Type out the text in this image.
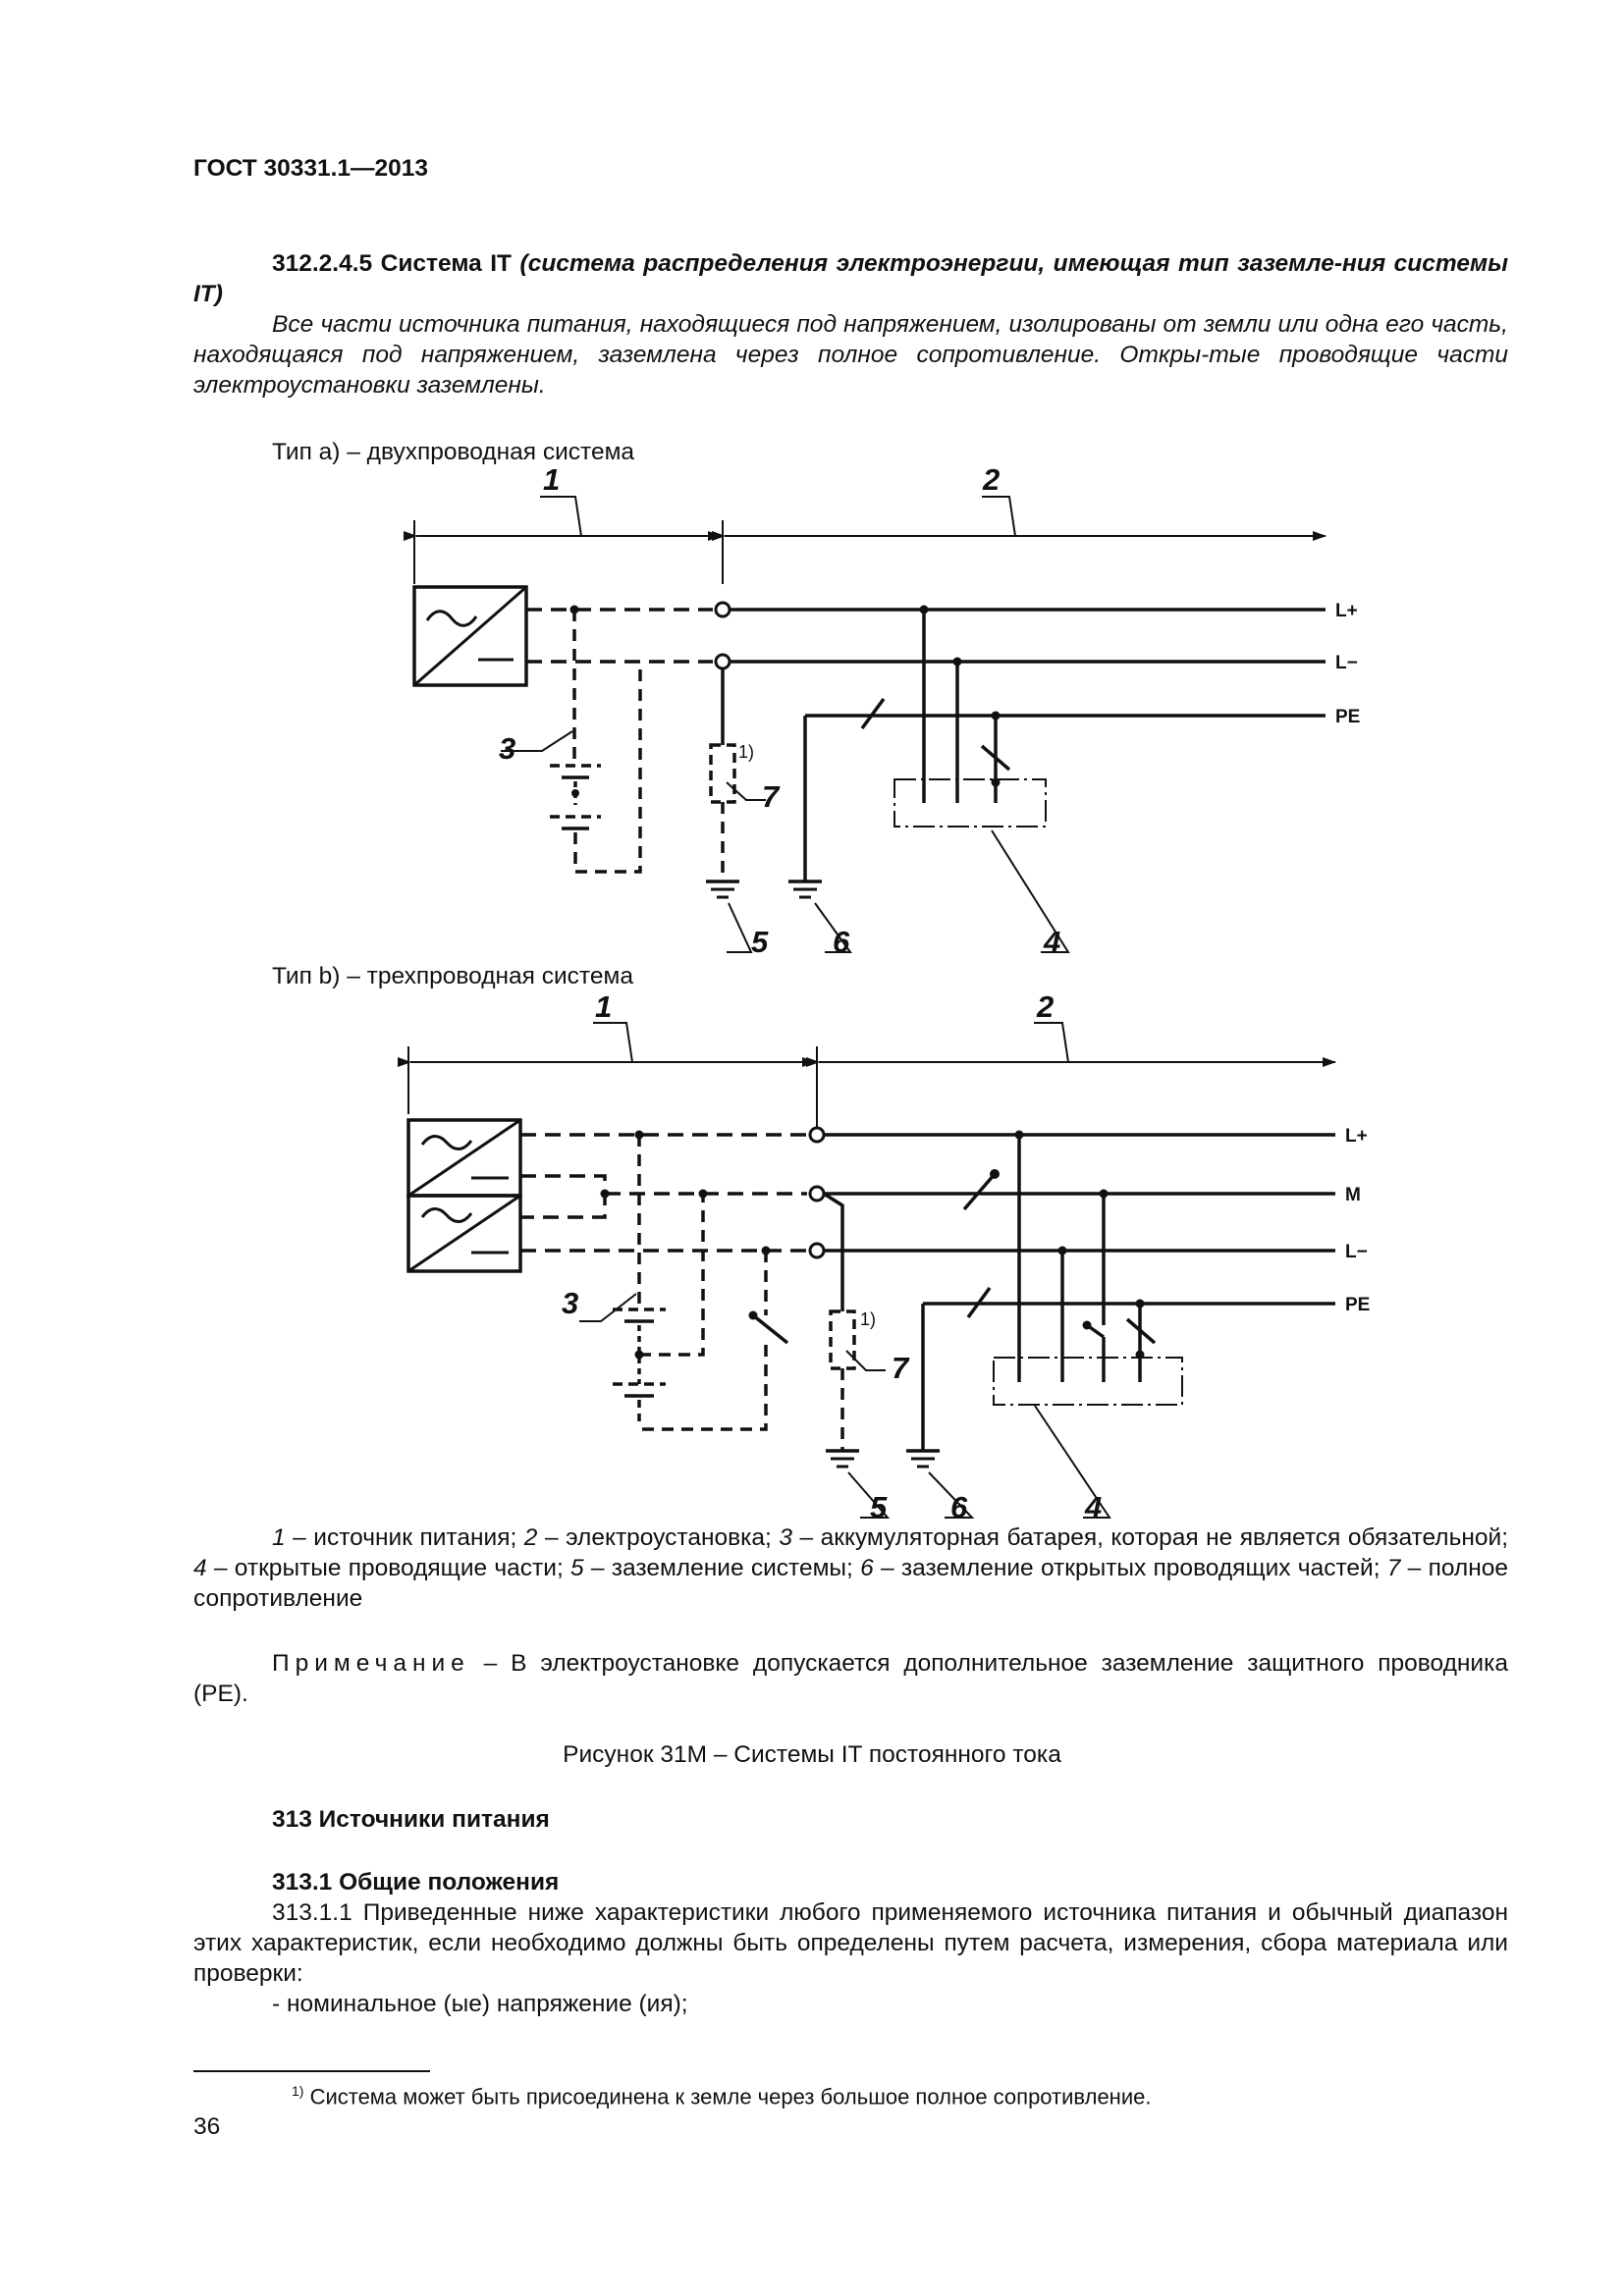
ГОСТ 30331.1—2013
312.2.4.5 Система IT (система распределения электроэнергии, имеющая тип заземле-ния системы IT)
Все части источника питания, находящиеся под напряжением, изолированы от земли или одна его часть, находящаяся под напряжением, заземлена через полное сопротивление. Откры-тые проводящие части электроустановки заземлены.
Тип а) – двухпроводная система
Тип b) – трехпроводная система
1	2
3
4
5 6
7
1)
L+
L−
PE
1	2
3
4
5 6
7
1)
L+
M
L−
PE
1 – источник питания; 2 – электроустановка; 3 – аккумуляторная батарея, которая не является обязательной; 4 – открытые проводящие части; 5 – заземление системы; 6 – заземление открытых проводящих частей; 7 – полное сопротивление
Примечание – В электроустановке допускается дополнительное заземление защитного проводника (PE).
Рисунок 31М – Системы IT постоянного тока
313 Источники питания
313.1 Общие положения
313.1.1 Приведенные ниже характеристики любого применяемого источника питания и обычный диапазон этих характеристик, если необходимо должны быть определены путем расчета, измерения, сбора материала или проверки:
- номинальное (ые) напряжение (ия);
$^{1)}$ Система может быть присоединена к земле через большое полное сопротивление.
36
